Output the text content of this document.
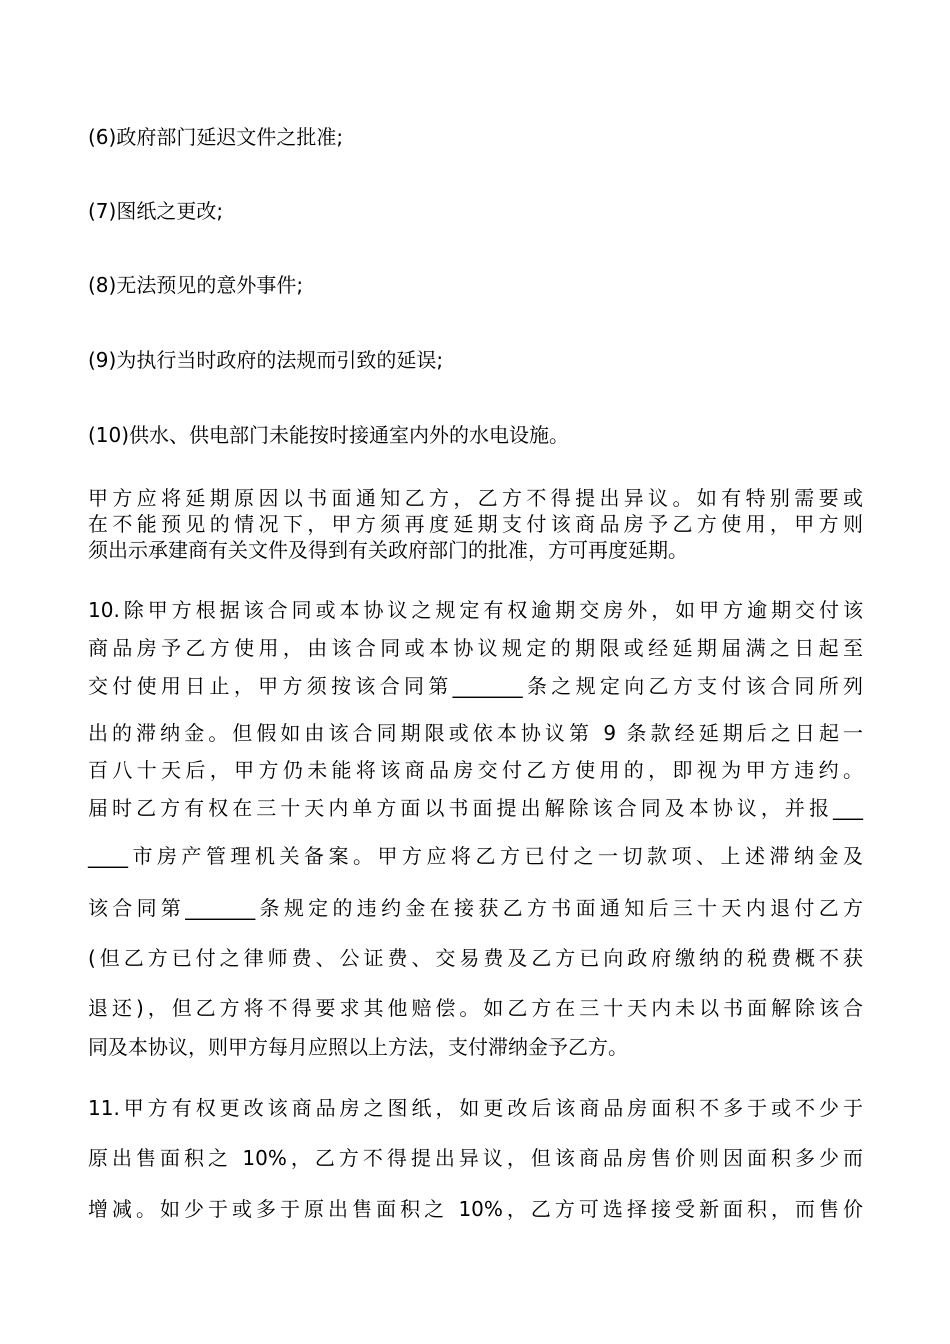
(6)政府部门延迟文件之批准;
(7)图纸之更改;
(8)无法预见的意外事件;
(9)为执行当时政府的法规而引致的延误;
(10)供水、供电部门未能按时接通室内外的水电设施。
甲方应将延期原因以书面通知乙方，乙方不得提出异议。如有特别需要或
在不能预见的情况下，甲方须再度延期支付该商品房予乙方使用，甲方则
须出示承建商有关文件及得到有关政府部门的批准，方可再度延期。
10.除甲方根据该合同或本协议之规定有权逾期交房外，如甲方逾期交付该
商品房予乙方使用，由该合同或本协议规定的期限或经延期届满之日起至
交付使用日止，甲方须按该合同第_______条之规定向乙方支付该合同所列
出的滞纳金。但假如由该合同期限或依本协议第 9 条款经延期后之日起一
百八十天后，甲方仍未能将该商品房交付乙方使用的，即视为甲方违约。
届时乙方有权在三十天内单方面以书面提出解除该合同及本协议，并报___
____市房产管理机关备案。甲方应将乙方已付之一切款项、上述滞纳金及
该合同第_______条规定的违约金在接获乙方书面通知后三十天内退付乙方
(但乙方已付之律师费、公证费、交易费及乙方已向政府缴纳的税费概不获
退还)，但乙方将不得要求其他赔偿。如乙方在三十天内未以书面解除该合
同及本协议，则甲方每月应照以上方法，支付滞纳金予乙方。
11.甲方有权更改该商品房之图纸，如更改后该商品房面积不多于或不少于
原出售面积之 10%，乙方不得提出异议，但该商品房售价则因面积多少而
增减。如少于或多于原出售面积之 10%，乙方可选择接受新面积，而售价
